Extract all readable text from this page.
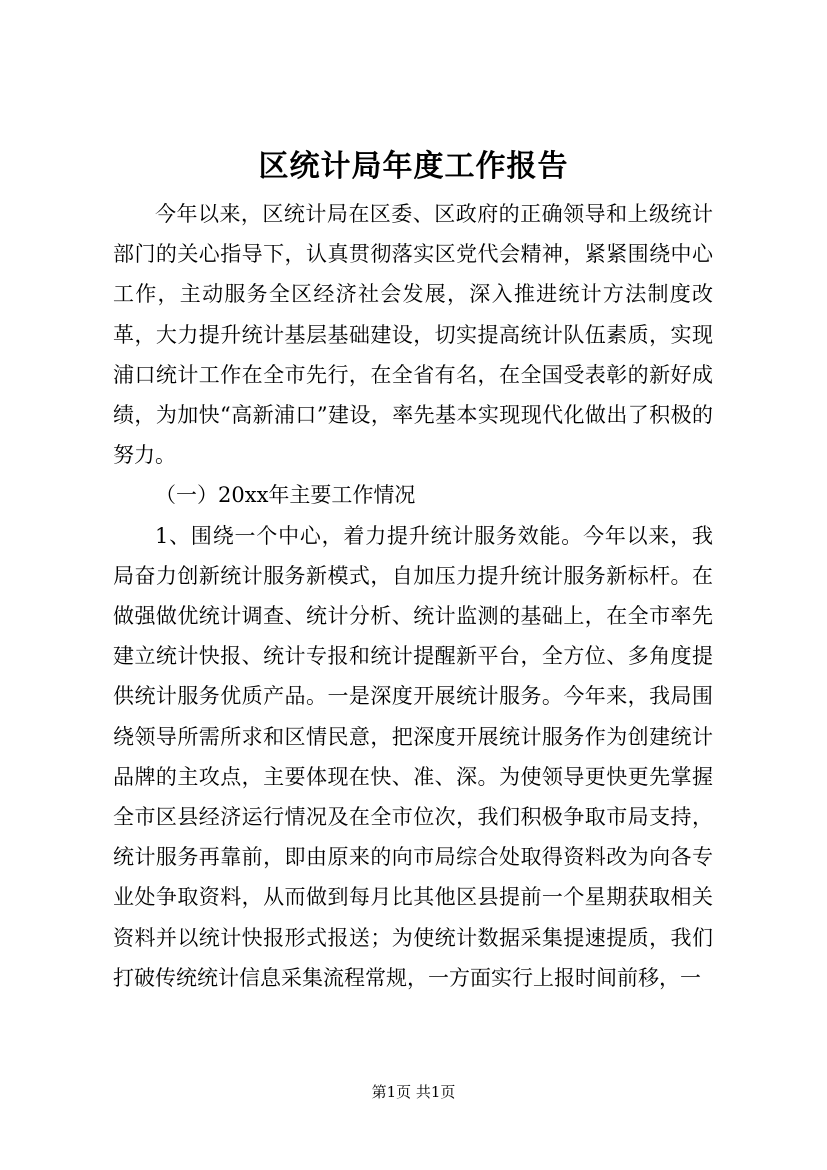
区统计局年度工作报告

今年以来，区统计局在区委、区政府的正确领导和上级统计部门的关心指导下，认真贯彻落实区党代会精神，紧紧围绕中心工作，主动服务全区经济社会发展，深入推进统计方法制度改革，大力提升统计基层基础建设，切实提高统计队伍素质，实现浦口统计工作在全市先行，在全省有名，在全国受表彰的新好成绩，为加快“高新浦口”建设，率先基本实现现代化做出了积极的努力。

（一）20xx年主要工作情况

1、围绕一个中心，着力提升统计服务效能。今年以来，我局奋力创新统计服务新模式，自加压力提升统计服务新标杆。在做强做优统计调查、统计分析、统计监测的基础上，在全市率先建立统计快报、统计专报和统计提醒新平台，全方位、多角度提供统计服务优质产品。一是深度开展统计服务。今年来，我局围绕领导所需所求和区情民意，把深度开展统计服务作为创建统计品牌的主攻点，主要体现在快、准、深。为使领导更快更先掌握全市区县经济运行情况及在全市位次，我们积极争取市局支持，统计服务再靠前，即由原来的向市局综合处取得资料改为向各专业处争取资料，从而做到每月比其他区县提前一个星期获取相关资料并以统计快报形式报送；为使统计数据采集提速提质，我们打破传统统计信息采集流程常规，一方面实行上报时间前移，一

第1页 共1页
